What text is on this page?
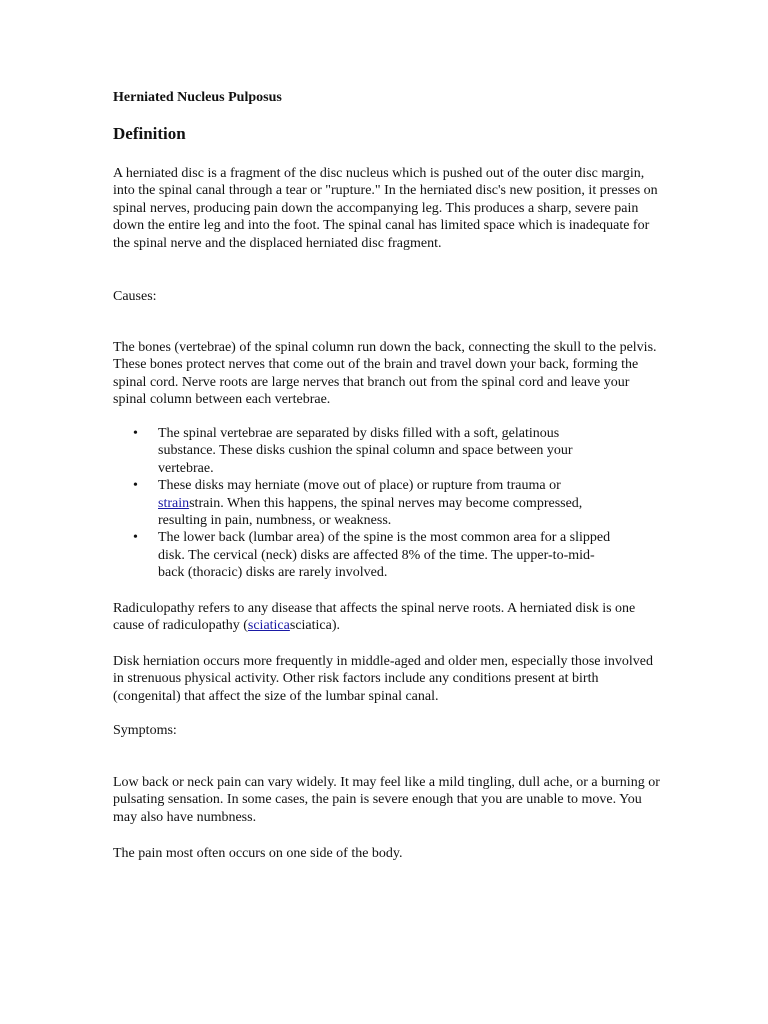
Herniated Nucleus Pulposus

Definition

A herniated disc is a fragment of the disc nucleus which is pushed out of the outer disc margin, into the spinal canal through a tear or "rupture." In the herniated disc's new position, it presses on spinal nerves, producing pain down the accompanying leg. This produces a sharp, severe pain down the entire leg and into the foot. The spinal canal has limited space which is inadequate for the spinal nerve and the displaced herniated disc fragment.

Causes:

The bones (vertebrae) of the spinal column run down the back, connecting the skull to the pelvis. These bones protect nerves that come out of the brain and travel down your back, forming the spinal cord. Nerve roots are large nerves that branch out from the spinal cord and leave your spinal column between each vertebrae.

• The spinal vertebrae are separated by disks filled with a soft, gelatinous substance. These disks cushion the spinal column and space between your vertebrae.
• These disks may herniate (move out of place) or rupture from trauma or strainstrain. When this happens, the spinal nerves may become compressed, resulting in pain, numbness, or weakness.
• The lower back (lumbar area) of the spine is the most common area for a slipped disk. The cervical (neck) disks are affected 8% of the time. The upper-to-mid-back (thoracic) disks are rarely involved.

Radiculopathy refers to any disease that affects the spinal nerve roots. A herniated disk is one cause of radiculopathy (sciaticasciatica).

Disk herniation occurs more frequently in middle-aged and older men, especially those involved in strenuous physical activity. Other risk factors include any conditions present at birth (congenital) that affect the size of the lumbar spinal canal.

Symptoms:

Low back or neck pain can vary widely. It may feel like a mild tingling, dull ache, or a burning or pulsating sensation. In some cases, the pain is severe enough that you are unable to move. You may also have numbness.

The pain most often occurs on one side of the body.
